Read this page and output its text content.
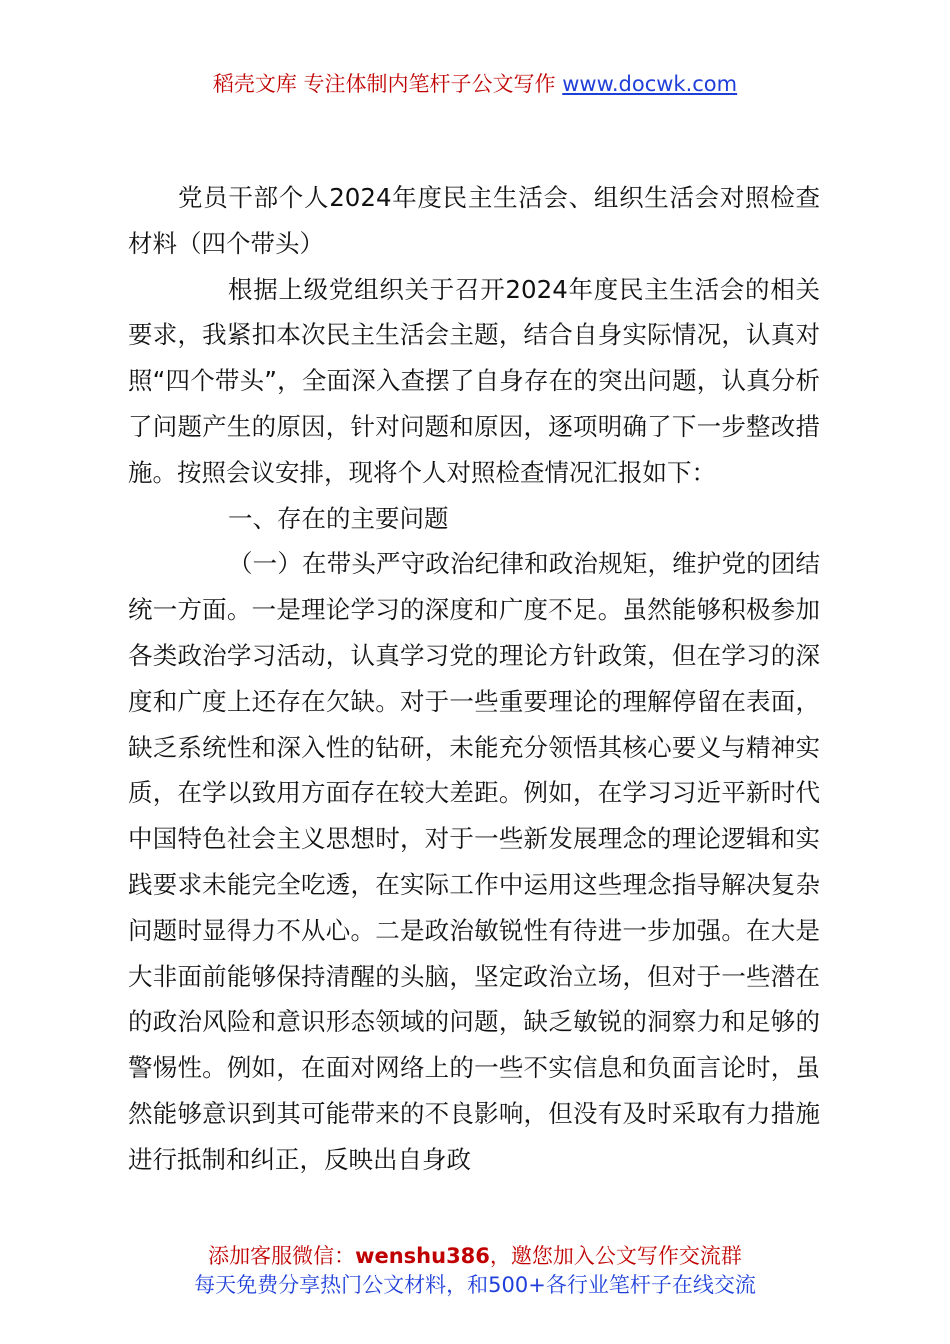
稻壳文库 专注体制内笔杆子公文写作 www.docwk.com

党员干部个人2024年度民主生活会、组织生活会对照检查材料（四个带头）

根据上级党组织关于召开2024年度民主生活会的相关要求，我紧扣本次民主生活会主题，结合自身实际情况，认真对照“四个带头”，全面深入查摆了自身存在的突出问题，认真分析了问题产生的原因，针对问题和原因，逐项明确了下一步整改措施。按照会议安排，现将个人对照检查情况汇报如下：

一、存在的主要问题

（一）在带头严守政治纪律和政治规矩，维护党的团结统一方面。一是理论学习的深度和广度不足。虽然能够积极参加各类政治学习活动，认真学习党的理论方针政策，但在学习的深度和广度上还存在欠缺。对于一些重要理论的理解停留在表面，缺乏系统性和深入性的钻研，未能充分领悟其核心要义与精神实质，在学以致用方面存在较大差距。例如，在学习习近平新时代中国特色社会主义思想时，对于一些新发展理念的理论逻辑和实践要求未能完全吃透，在实际工作中运用这些理念指导解决复杂问题时显得力不从心。二是政治敏锐性有待进一步加强。在大是大非面前能够保持清醒的头脑，坚定政治立场，但对于一些潜在的政治风险和意识形态领域的问题，缺乏敏锐的洞察力和足够的警惕性。例如，在面对网络上的一些不实信息和负面言论时，虽然能够意识到其可能带来的不良影响，但没有及时采取有力措施进行抵制和纠正，反映出自身政

添加客服微信：wenshu386，邀您加入公文写作交流群
每天免费分享热门公文材料，和500+各行业笔杆子在线交流
